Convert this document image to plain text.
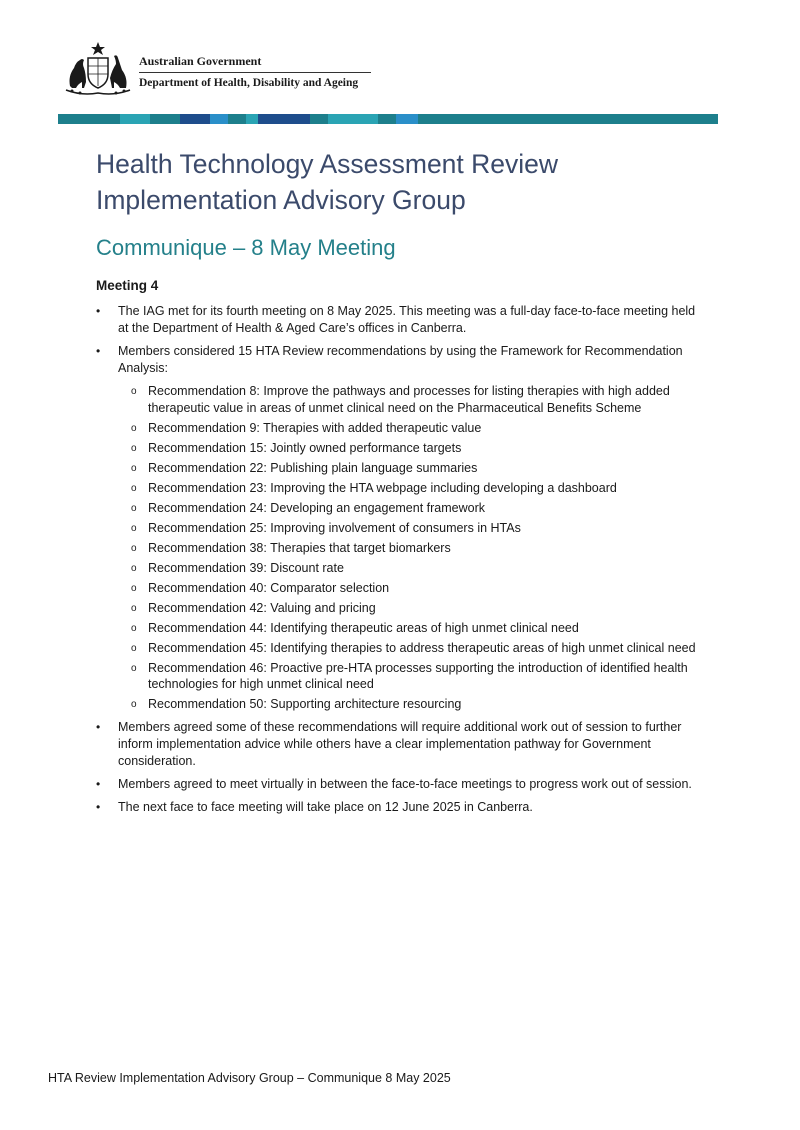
Australian Government
Department of Health, Disability and Ageing
Health Technology Assessment Review
Implementation Advisory Group
Communique – 8 May Meeting
Meeting 4
• The IAG met for its fourth meeting on 8 May 2025. This meeting was a full-day face-to-face meeting held at the Department of Health & Aged Care’s offices in Canberra.
• Members considered 15 HTA Review recommendations by using the Framework for Recommendation Analysis:
o Recommendation 8: Improve the pathways and processes for listing therapies with high added therapeutic value in areas of unmet clinical need on the Pharmaceutical Benefits Scheme
o Recommendation 9: Therapies with added therapeutic value
o Recommendation 15: Jointly owned performance targets
o Recommendation 22: Publishing plain language summaries
o Recommendation 23: Improving the HTA webpage including developing a dashboard
o Recommendation 24: Developing an engagement framework
o Recommendation 25: Improving involvement of consumers in HTAs
o Recommendation 38: Therapies that target biomarkers
o Recommendation 39: Discount rate
o Recommendation 40: Comparator selection
o Recommendation 42: Valuing and pricing
o Recommendation 44: Identifying therapeutic areas of high unmet clinical need
o Recommendation 45: Identifying therapies to address therapeutic areas of high unmet clinical need
o Recommendation 46: Proactive pre-HTA processes supporting the introduction of identified health technologies for high unmet clinical need
o Recommendation 50: Supporting architecture resourcing
• Members agreed some of these recommendations will require additional work out of session to further inform implementation advice while others have a clear implementation pathway for Government consideration.
• Members agreed to meet virtually in between the face-to-face meetings to progress work out of session.
• The next face to face meeting will take place on 12 June 2025 in Canberra.
HTA Review Implementation Advisory Group – Communique 8 May 2025
